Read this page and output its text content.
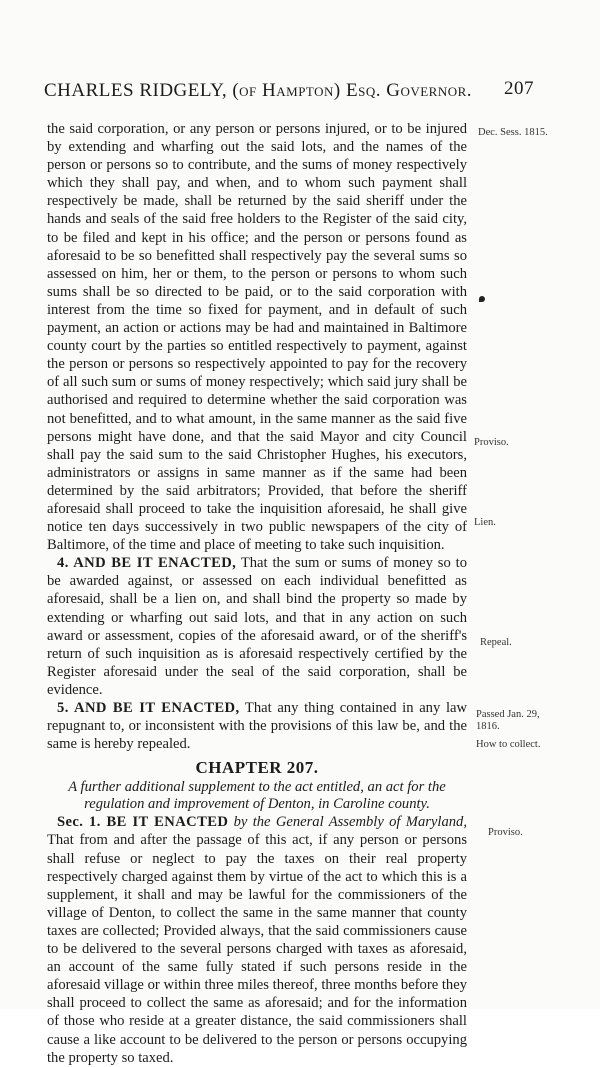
CHARLES RIDGELY, (of Hampton) Esq. Governor. 207
Dec. Sess. 1815.
Proviso.
Lien.
Repeal.
Passed Jan. 29, 1816.
How to collect.
Proviso.

the said corporation, or any person or persons injured, or to be injured by extending and wharfing out the said lots, and the names of the person or persons so to contribute, and the sums of money respectively which they shall pay, and when, and to whom such payment shall respectively be made, shall be returned by the said sheriff under the hands and seals of the said free holders to the Register of the said city, to be filed and kept in his office; and the person or persons found as aforesaid to be so benefitted shall respectively pay the several sums so assessed on him, her or them, to the person or persons to whom such sums shall be so directed to be paid, or to the said corporation with interest from the time so fixed for payment, and in default of such payment, an action or actions may be had and maintained in Baltimore county court by the parties so entitled respectively to payment, against the person or persons so respectively appointed to pay for the recovery of all such sum or sums of money respectively; which said jury shall be authorised and required to determine whether the said corporation was not benefitted, and to what amount, in the same manner as the said five persons might have done, and that the said Mayor and city Council shall pay the said sum to the said Christopher Hughes, his executors, administrators or assigns in same manner as if the same had been determined by the said arbitrators; Provided, that before the sheriff aforesaid shall proceed to take the inquisition aforesaid, he shall give notice ten days successively in two public newspapers of the city of Baltimore, of the time and place of meeting to take such inquisition.

4. AND BE IT ENACTED, That the sum or sums of money so to be awarded against, or assessed on each individual benefitted as aforesaid, shall be a lien on, and shall bind the property so made by extending or wharfing out said lots, and that in any action on such award or assessment, copies of the aforesaid award, or of the sheriff's return of such inquisition as is aforesaid respectively certified by the Register aforesaid under the seal of the said corporation, shall be evidence.

5. AND BE IT ENACTED, That any thing contained in any law repugnant to, or inconsistent with the provisions of this law be, and the same is hereby repealed.

CHAPTER 207.
A further additional supplement to the act entitled, an act for the regulation and improvement of Denton, in Caroline county.

Sec. 1. BE IT ENACTED by the General Assembly of Maryland, That from and after the passage of this act, if any person or persons shall refuse or neglect to pay the taxes on their real property respectively charged against them by virtue of the act to which this is a supplement, it shall and may be lawful for the commissioners of the village of Denton, to collect the same in the same manner that county taxes are collected; Provided always, that the said commissioners cause to be delivered to the several persons charged with taxes as aforesaid, an account of the same fully stated if such persons reside in the aforesaid village or within three miles thereof, three months before they shall proceed to collect the same as aforesaid; and for the information of those who reside at a greater distance, the said commissioners shall cause a like account to be delivered to the person or persons occupying the property so taxed.
